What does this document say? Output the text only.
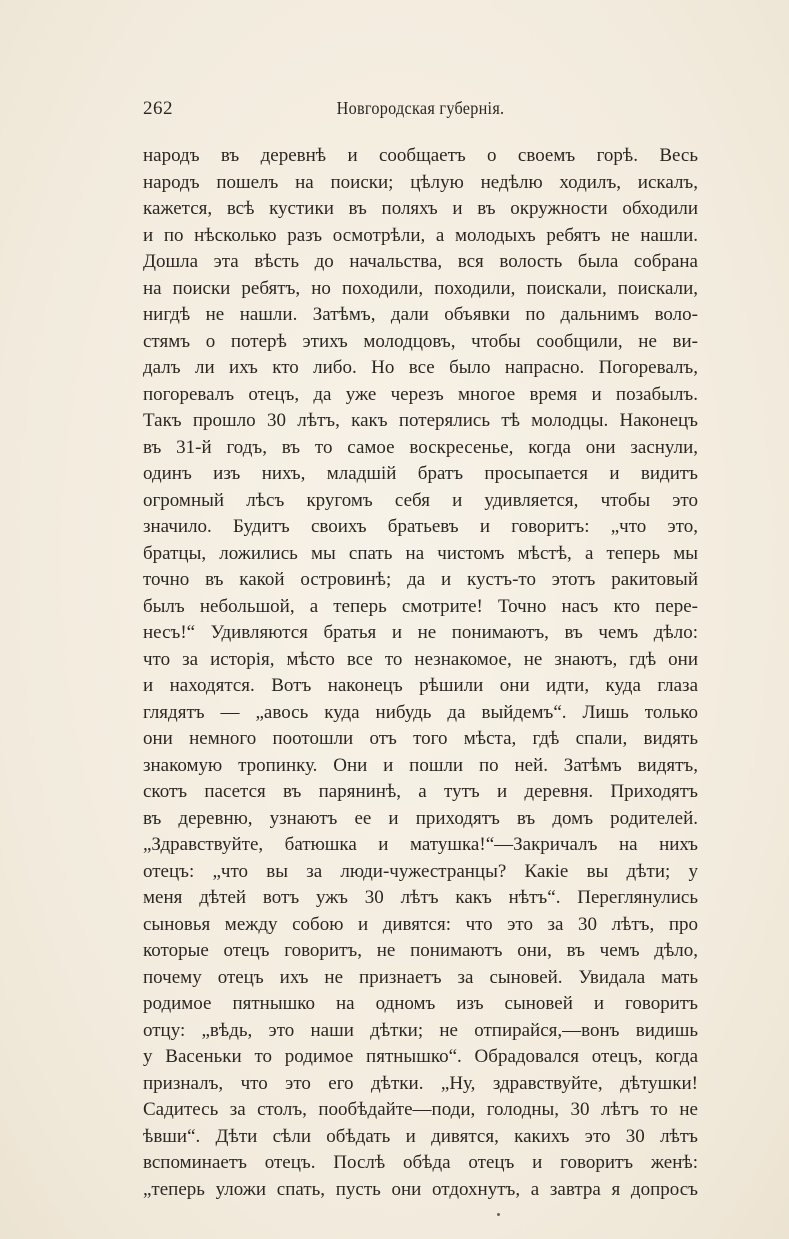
262	Новгородская губернія.
народъ въ деревнѣ и сообщаетъ о своемъ горѣ. Весь
народъ пошелъ на поиски; цѣлую недѣлю ходилъ, искалъ,
кажется, всѣ кустики въ поляхъ и въ окружности обходили
и по нѣсколько разъ осмотрѣли, а молодыхъ ребятъ не нашли.
Дошла эта вѣсть до начальства, вся волость была собрана
на поиски ребятъ, но походили, походили, поискали, поискали,
нигдѣ не нашли. Затѣмъ, дали объявки по дальнимъ воло-
стямъ о потерѣ этихъ молодцовъ, чтобы сообщили, не ви-
далъ ли ихъ кто либо. Но все было напрасно. Погоревалъ,
погоревалъ отецъ, да уже черезъ многое время и позабылъ.
Такъ прошло 30 лѣтъ, какъ потерялись тѣ молодцы. Наконецъ
въ 31-й годъ, въ то самое воскресенье, когда они заснули,
одинъ изъ нихъ, младшій братъ просыпается и видитъ
огромный лѣсъ кругомъ себя и удивляется, чтобы это
значило. Будитъ своихъ братьевъ и говоритъ: „что это,
братцы, ложились мы спать на чистомъ мѣстѣ, а теперь мы
точно въ какой островинѣ; да и кустъ-то этотъ ракитовый
былъ небольшой, а теперь смотрите! Точно насъ кто пере-
несъ!“ Удивляются братья и не понимаютъ, въ чемъ дѣло:
что за исторія, мѣсто все то незнакомое, не знаютъ, гдѣ они
и находятся. Вотъ наконецъ рѣшили они идти, куда глаза
глядятъ — „авось куда нибудь да выйдемъ“. Лишь только
они немного поотошли отъ того мѣста, гдѣ спали, видять
знакомую тропинку. Они и пошли по ней. Затѣмъ видятъ,
скотъ пасется въ парянинѣ, а тутъ и деревня. Приходятъ
въ деревню, узнаютъ ее и приходятъ въ домъ родителей.
„Здравствуйте, батюшка и матушка!“—Закричалъ на нихъ
отецъ: „что вы за люди-чужестранцы? Какіе вы дѣти; у
меня дѣтей вотъ ужъ 30 лѣтъ какъ нѣтъ“. Переглянулись
сыновья между собою и дивятся: что это за 30 лѣтъ, про
которые отецъ говоритъ, не понимаютъ они, въ чемъ дѣло,
почему отецъ ихъ не признаетъ за сыновей. Увидала мать
родимое пятнышко на одномъ изъ сыновей и говоритъ
отцу: „вѣдь, это наши дѣтки; не отпирайся,—вонъ видишь
у Васеньки то родимое пятнышко“. Обрадовался отецъ, когда
призналъ, что это его дѣтки. „Ну, здравствуйте, дѣтушки!
Садитесь за столъ, пообѣдайте—поди, голодны, 30 лѣтъ то не
ѣвши“. Дѣти сѣли обѣдать и дивятся, какихъ это 30 лѣтъ
вспоминаетъ отецъ. Послѣ обѣда отецъ и говоритъ женѣ:
„теперь уложи спать, пусть они отдохнутъ, а завтра я допросъ
